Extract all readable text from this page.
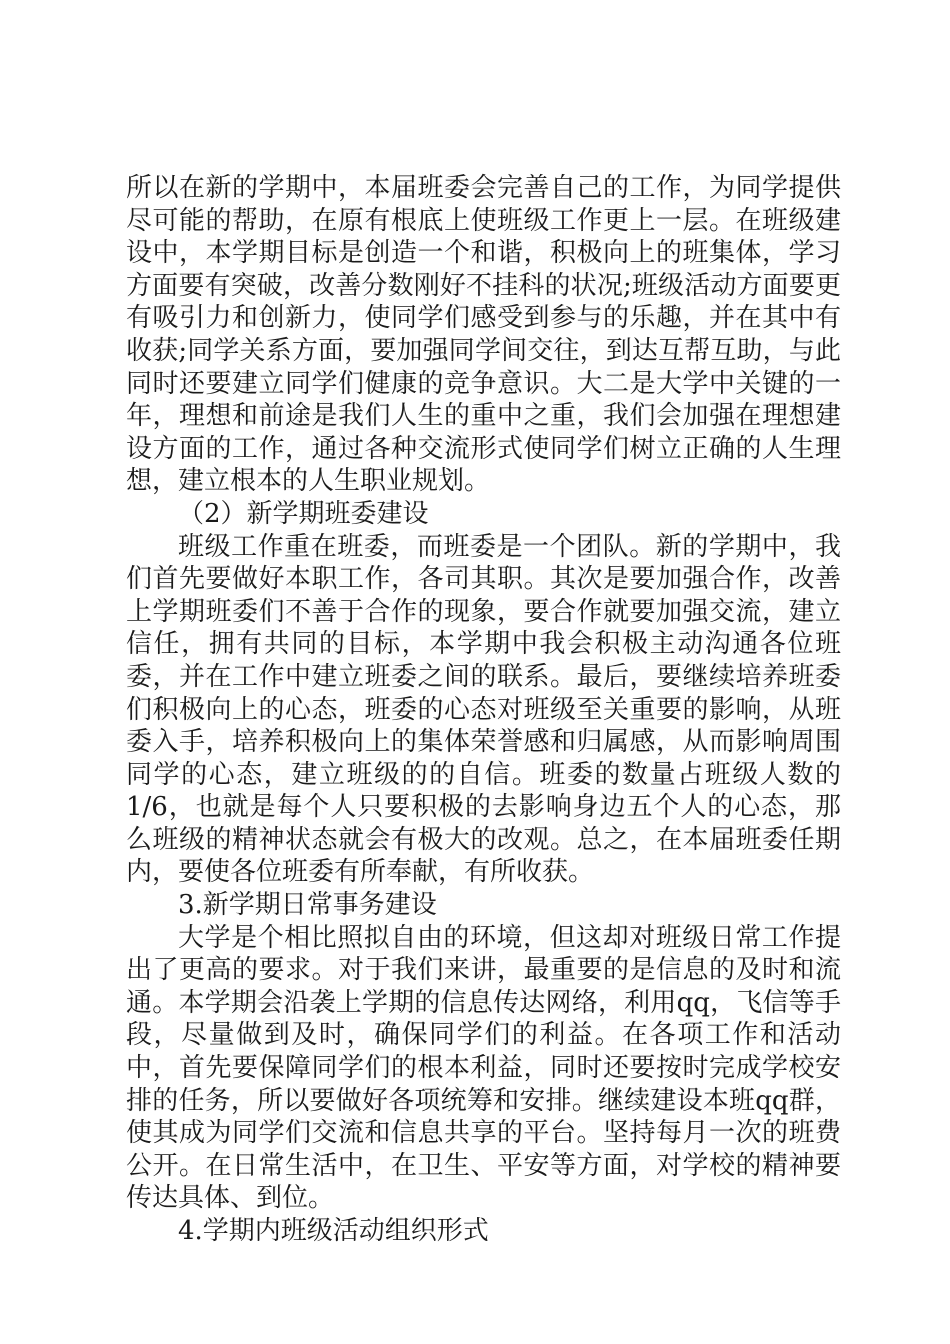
所以在新的学期中，本届班委会完善自己的工作，为同学提供尽可能的帮助，在原有根底上使班级工作更上一层。在班级建设中，本学期目标是创造一个和谐，积极向上的班集体，学习方面要有突破，改善分数刚好不挂科的状况;班级活动方面要更有吸引力和创新力，使同学们感受到参与的乐趣，并在其中有收获;同学关系方面，要加强同学间交往，到达互帮互助，与此同时还要建立同学们健康的竞争意识。大二是大学中关键的一年，理想和前途是我们人生的重中之重，我们会加强在理想建设方面的工作，通过各种交流形式使同学们树立正确的人生理想，建立根本的人生职业规划。

（2）新学期班委建设

班级工作重在班委，而班委是一个团队。新的学期中，我们首先要做好本职工作，各司其职。其次是要加强合作，改善上学期班委们不善于合作的现象，要合作就要加强交流，建立信任，拥有共同的目标，本学期中我会积极主动沟通各位班委，并在工作中建立班委之间的联系。最后，要继续培养班委们积极向上的心态，班委的心态对班级至关重要的影响，从班委入手，培养积极向上的集体荣誉感和归属感，从而影响周围同学的心态，建立班级的的自信。班委的数量占班级人数的1/6，也就是每个人只要积极的去影响身边五个人的心态，那么班级的精神状态就会有极大的改观。总之，在本届班委任期内，要使各位班委有所奉献，有所收获。

3.新学期日常事务建设

大学是个相比照拟自由的环境，但这却对班级日常工作提出了更高的要求。对于我们来讲，最重要的是信息的及时和流通。本学期会沿袭上学期的信息传达网络，利用qq，飞信等手段，尽量做到及时，确保同学们的利益。在各项工作和活动中，首先要保障同学们的根本利益，同时还要按时完成学校安排的任务，所以要做好各项统筹和安排。继续建设本班qq群，使其成为同学们交流和信息共享的平台。坚持每月一次的班费公开。在日常生活中，在卫生、平安等方面，对学校的精神要传达具体、到位。

4.学期内班级活动组织形式
